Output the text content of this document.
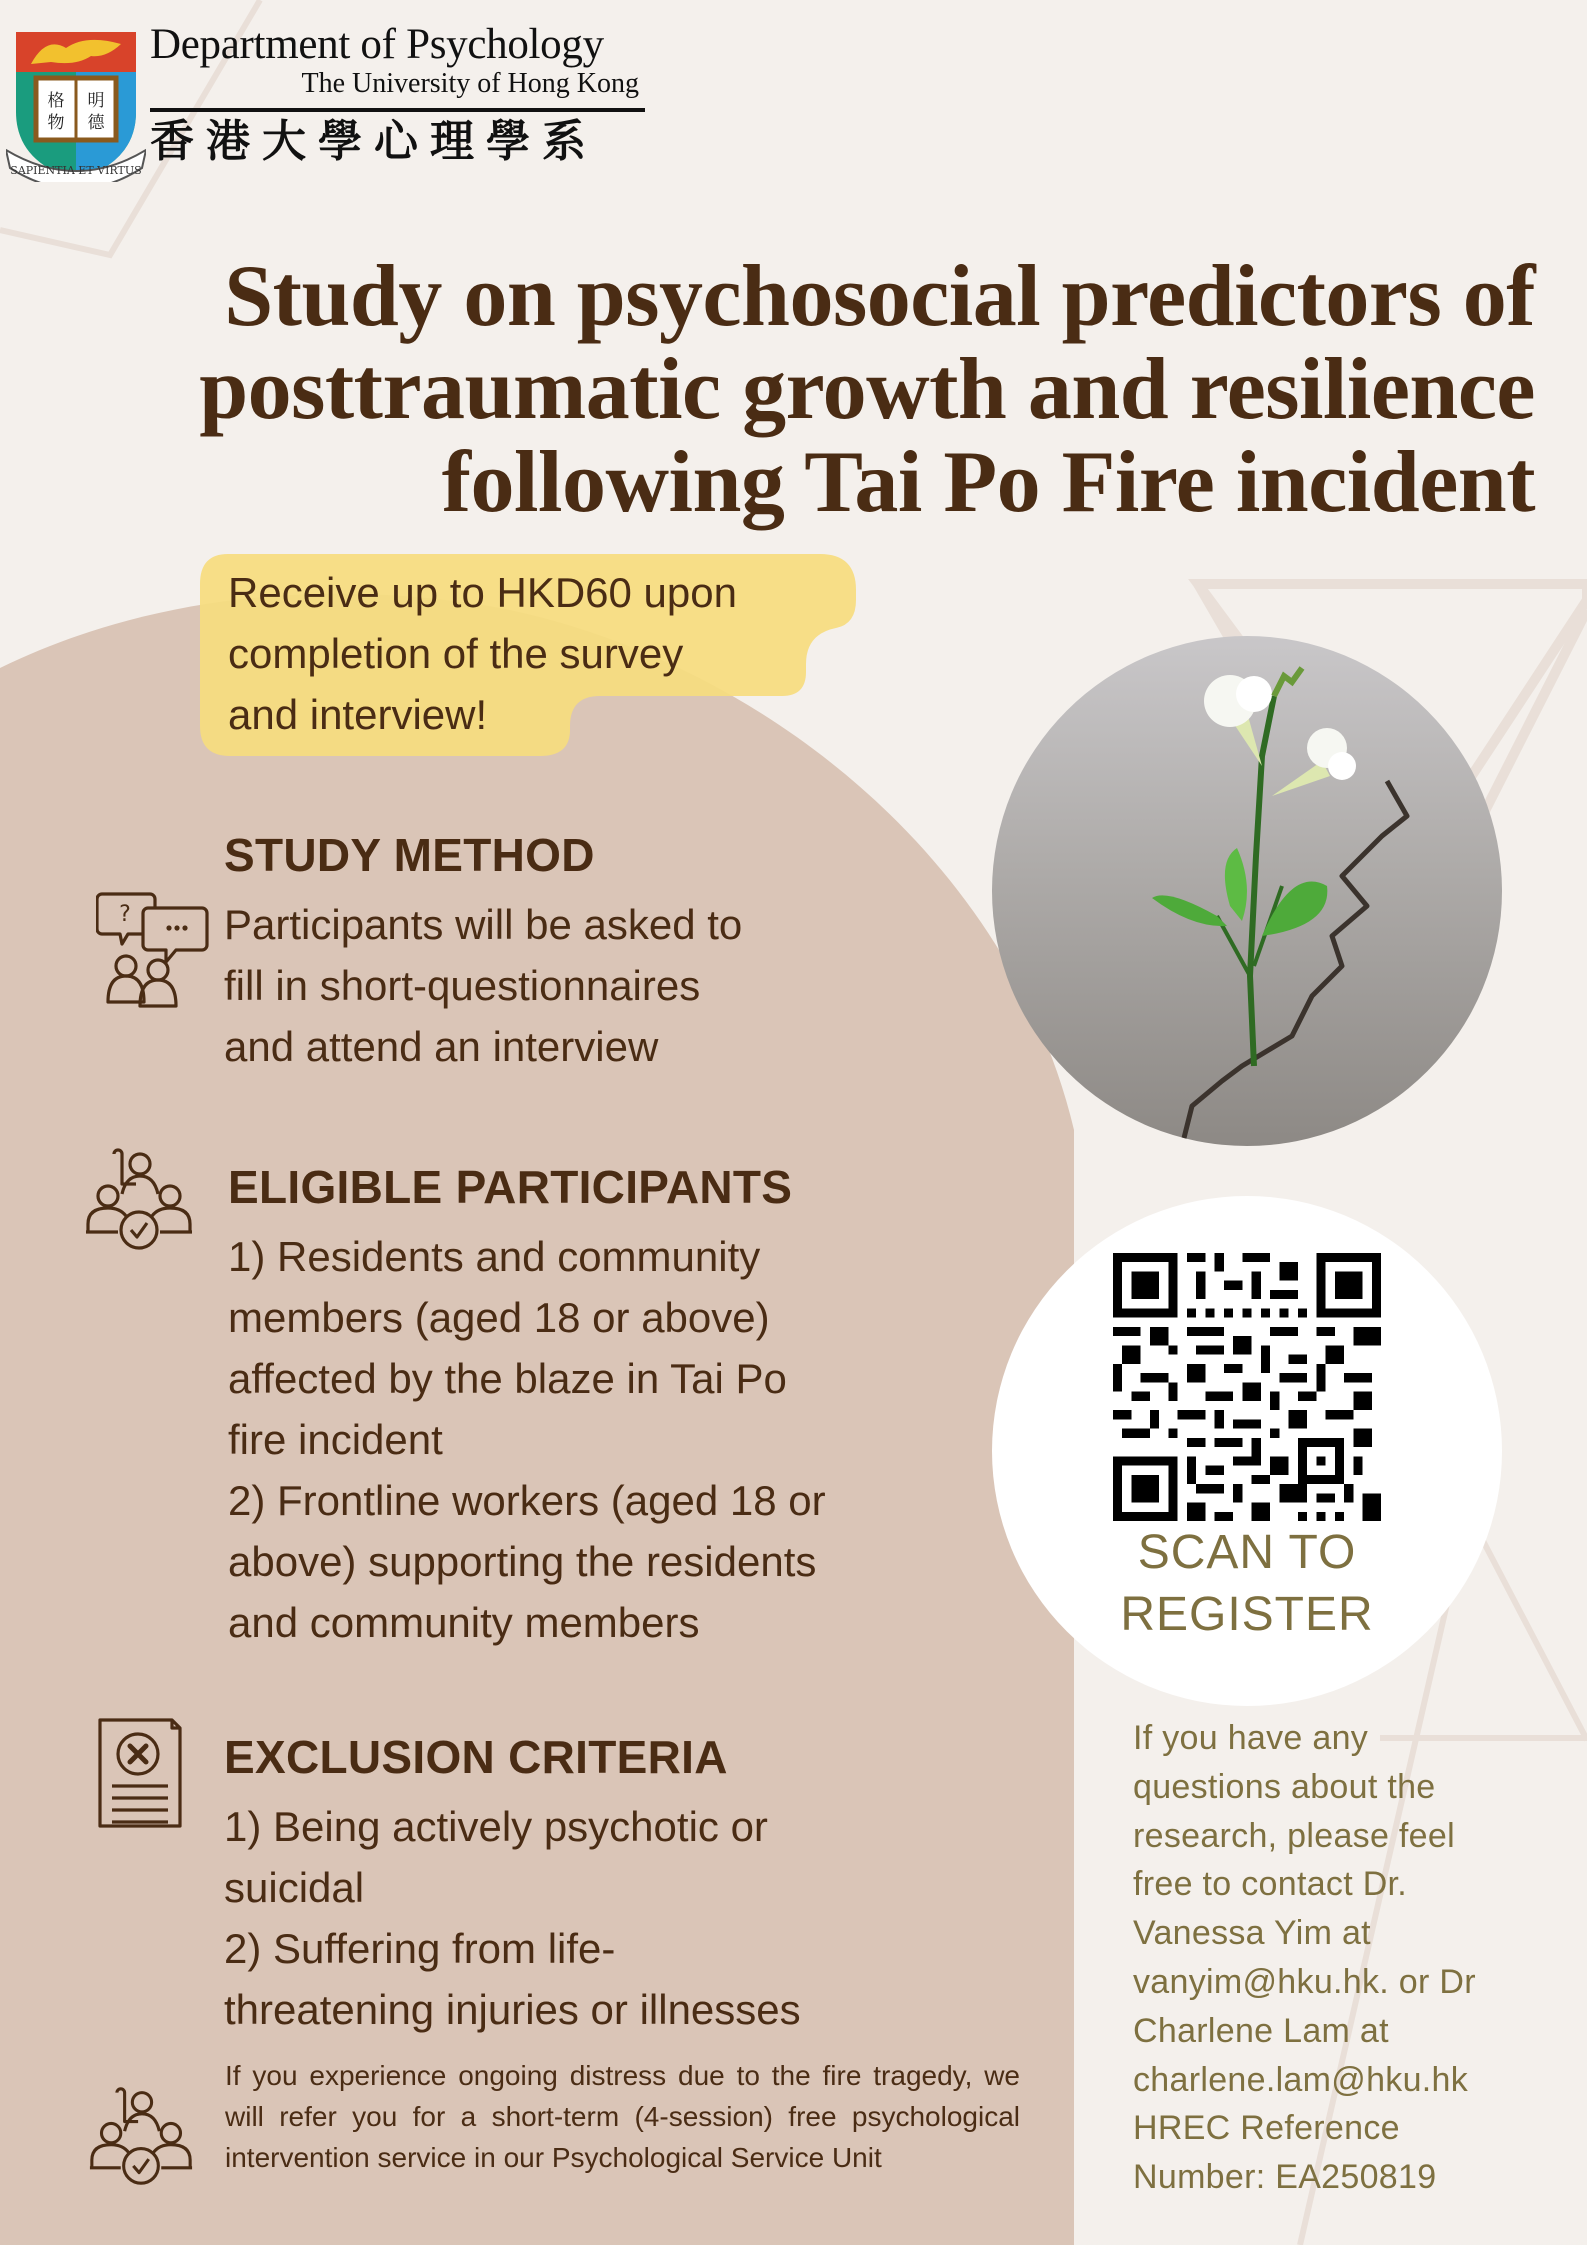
格
物
明
德
SAPIENTIA ET VIRTUS
Department of Psychology
The University of Hong Kong
香港大學心理學系
Study on psychosocial predictors of
posttraumatic growth and resilience
following Tai Po Fire incident
Receive up to HKD60 upon
completion of the survey
and interview!
STUDY METHOD
Participants will be asked to
fill in short-questionnaires
and attend an interview
?
ELIGIBLE PARTICIPANTS
1) Residents and community
members (aged 18 or above)
affected by the blaze in Tai Po
fire incident
2) Frontline workers (aged 18 or
above) supporting the residents
and community members
EXCLUSION CRITERIA
1) Being actively psychotic or
suicidal
2) Suffering from life-
threatening injuries or illnesses
If you experience ongoing distress due to the fire tragedy, we will refer you for a short-term (4-session) free psychological intervention service in our Psychological Service Unit
SCAN TO
REGISTER
If you have any
questions about the
research, please feel
free to contact Dr.
Vanessa Yim at
vanyim@hku.hk. or Dr
Charlene Lam at
charlene.lam@hku.hk
HREC Reference
Number: EA250819
